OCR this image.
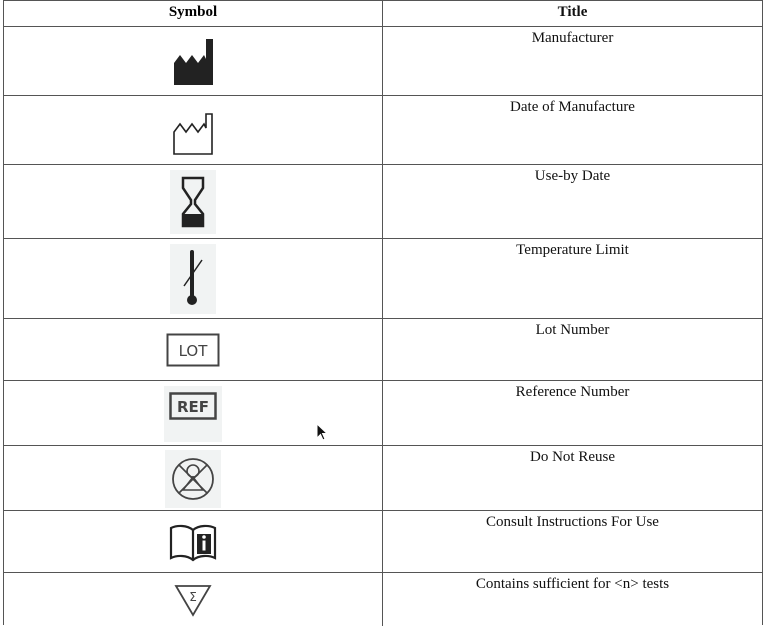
Symbol	Title
Manufacturer
Date of Manufacture
Use-by Date
Temperature Limit
LOT
Lot Number
REF
Reference Number
Do Not Reuse
Consult Instructions For Use
Σ
Contains sufficient for <n> tests
